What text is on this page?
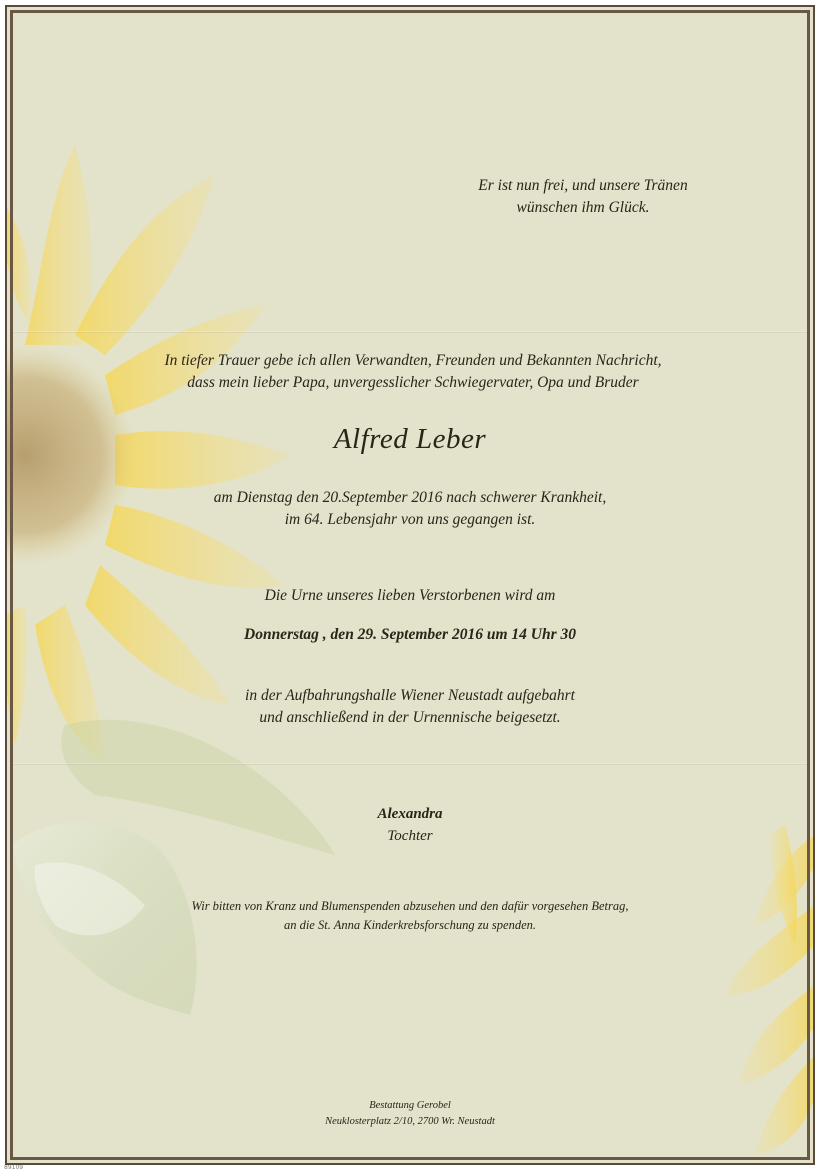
Er ist nun frei, und unsere Tränen
wünschen ihm Glück.
In tiefer Trauer gebe ich allen Verwandten, Freunden und Bekannten Nachricht,
dass mein lieber Papa, unvergesslicher Schwiegervater, Opa und Bruder
Alfred Leber
am Dienstag den 20.September 2016 nach schwerer Krankheit,
im 64. Lebensjahr von uns gegangen ist.
Die Urne unseres lieben Verstorbenen wird am
Donnerstag , den 29. September 2016 um 14 Uhr 30
in der Aufbahrungshalle Wiener Neustadt aufgebahrt
und anschließend in der Urnennische beigesetzt.
Alexandra
Tochter
Wir bitten von Kranz und Blumenspenden abzusehen und den dafür vorgesehen Betrag,
an die St. Anna Kinderkrebsforschung zu spenden.
Bestattung Gerobel
Neuklosterplatz 2/10, 2700 Wr. Neustadt
89109
